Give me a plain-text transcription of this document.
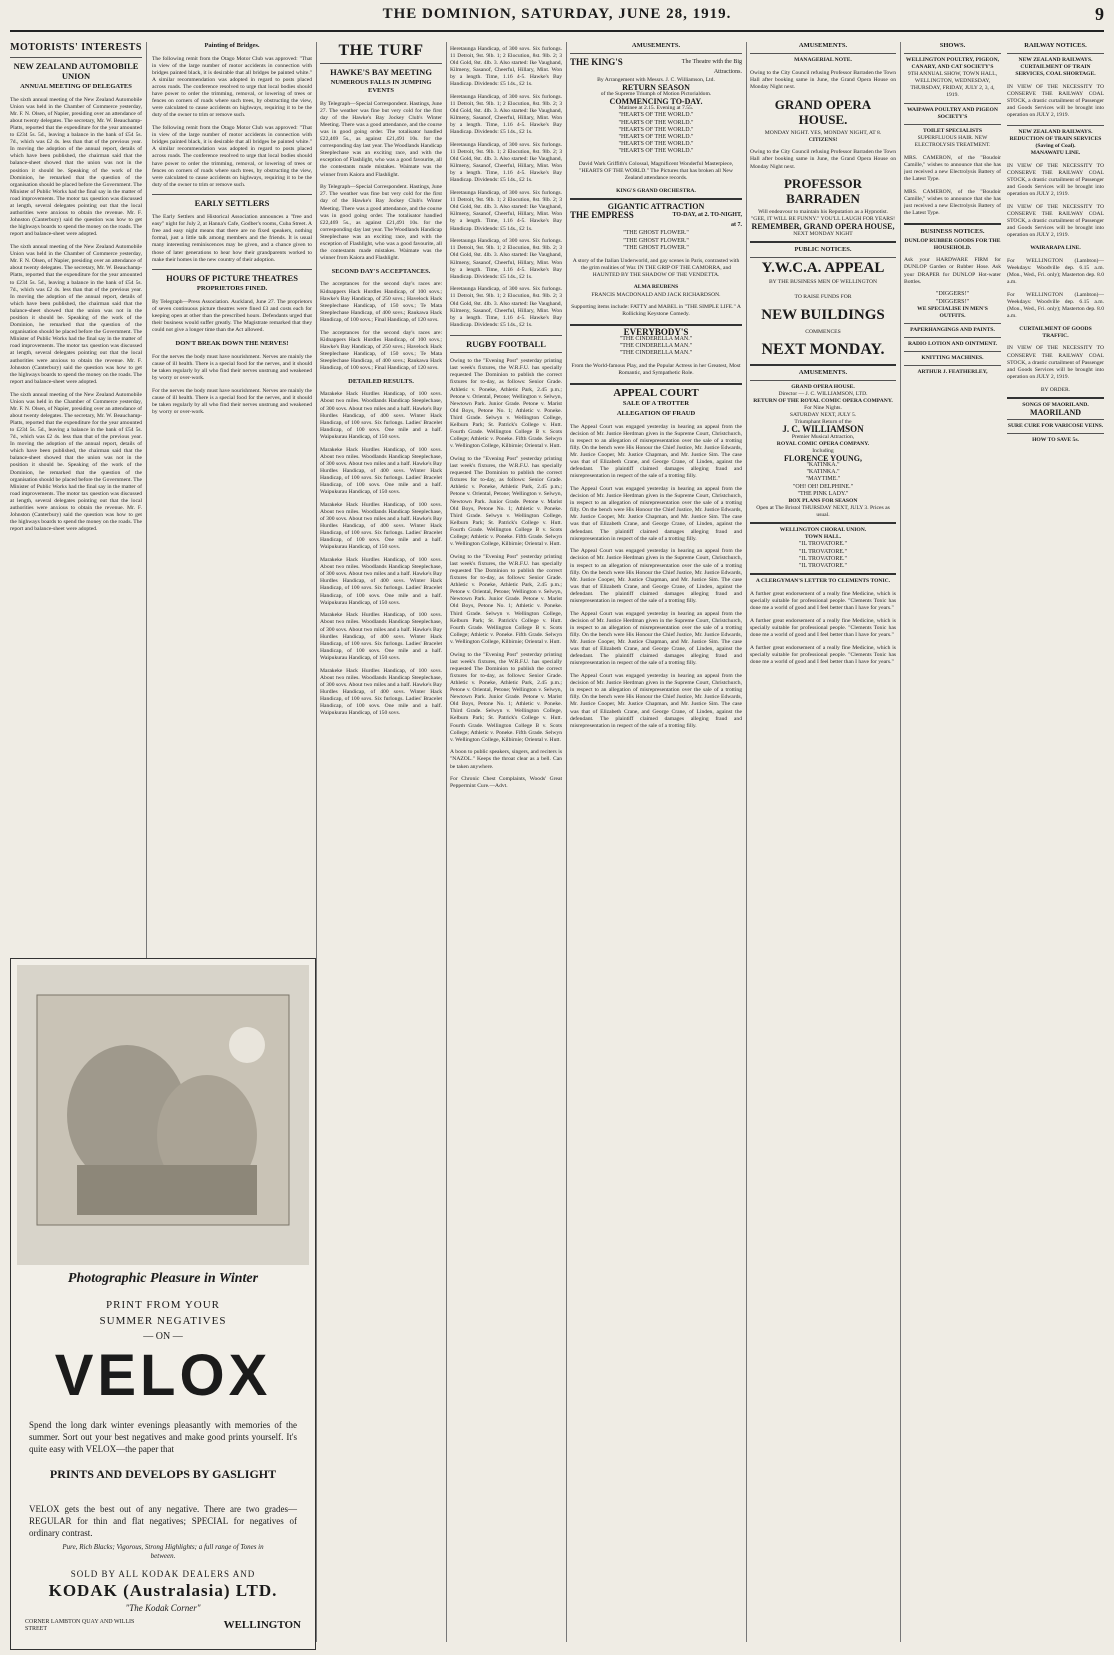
THE DOMINION, SATURDAY, JUNE 28, 1919.	9
MOTORISTS' INTERESTS
NEW ZEALAND AUTOMOBILE UNION
ANNUAL MEETING OF DELEGATES

The sixth annual meeting of the New Zealand Automobile Union was held in the Chamber of Commerce yesterday, Mr. F. N. Olsen, of Napier, presiding over an attendance of about twenty delegates. The secretary, Mr. W. Beauchamp-Platts, reported that the expenditure for the year amounted to £234 5s. 5d., leaving a balance in the bank of £54 5s. 7d., which was £2 4s. less than that of the previous year. In moving the adoption of the annual report, details of which have been published, the chairman said that the balance-sheet showed that the union was not in the position it should be. Speaking of the work of the Dominion, he remarked that the question of the organisation should be placed before the Government. The Minister of Public Works had the final say in the matter of road improvements. The motor tax question was discussed at length, several delegates pointing out that the local authorities were anxious to obtain the revenue. Mr. F. Johnston (Canterbury) said the question was how to get the highways boards to spend the money on the roads. The report and balance-sheet were adopted.

The sixth annual meeting of the New Zealand Automobile Union was held in the Chamber of Commerce yesterday, Mr. F. N. Olsen, of Napier, presiding over an attendance of about twenty delegates. The secretary, Mr. W. Beauchamp-Platts, reported that the expenditure for the year amounted to £234 5s. 5d., leaving a balance in the bank of £54 5s. 7d., which was £2 4s. less than that of the previous year. In moving the adoption of the annual report, details of which have been published, the chairman said that the balance-sheet showed that the union was not in the position it should be. Speaking of the work of the Dominion, he remarked that the question of the organisation should be placed before the Government. The Minister of Public Works had the final say in the matter of road improvements. The motor tax question was discussed at length, several delegates pointing out that the local authorities were anxious to obtain the revenue. Mr. F. Johnston (Canterbury) said the question was how to get the highways boards to spend the money on the roads. The report and balance-sheet were adopted.

The sixth annual meeting of the New Zealand Automobile Union was held in the Chamber of Commerce yesterday, Mr. F. N. Olsen, of Napier, presiding over an attendance of about twenty delegates. The secretary, Mr. W. Beauchamp-Platts, reported that the expenditure for the year amounted to £234 5s. 5d., leaving a balance in the bank of £54 5s. 7d., which was £2 4s. less than that of the previous year. In moving the adoption of the annual report, details of which have been published, the chairman said that the balance-sheet showed that the union was not in the position it should be. Speaking of the work of the Dominion, he remarked that the question of the organisation should be placed before the Government. The Minister of Public Works had the final say in the matter of road improvements. The motor tax question was discussed at length, several delegates pointing out that the local authorities were anxious to obtain the revenue. Mr. F. Johnston (Canterbury) said the question was how to get the highways boards to spend the money on the roads. The report and balance-sheet were adopted.

Painting of Bridges.

The following remit from the Otago Motor Club was approved: "That in view of the large number of motor accidents in connection with bridges painted black, it is desirable that all bridges be painted white." A similar recommendation was adopted in regard to posts placed across roads. The conference resolved to urge that local bodies should have power to order the trimming, removal, or lowering of trees or fences on corners of roads where such trees, by obstructing the view, were calculated to cause accidents on highways, requiring it to be the duty of the owner to trim or remove such.

The following remit from the Otago Motor Club was approved: "That in view of the large number of motor accidents in connection with bridges painted black, it is desirable that all bridges be painted white." A similar recommendation was adopted in regard to posts placed across roads. The conference resolved to urge that local bodies should have power to order the trimming, removal, or lowering of trees or fences on corners of roads where such trees, by obstructing the view, were calculated to cause accidents on highways, requiring it to be the duty of the owner to trim or remove such.

EARLY SETTLERS

The Early Settlers and Historical Association announces a "free and easy" night for July 2, at Hanna's Cafe, Godber's rooms, Cuba Street. A free and easy night means that there are no fixed speakers, nothing formal, just a little talk among members and the friends. It is usual many interesting reminiscences may be given, and a chance given to those of later generations to hear how their grandparents worked to make their homes in the new country of their adoption.

HOURS OF PICTURE THEATRES
PROPRIETORS FINED.

By Telegraph—Press Association. Auckland, June 27. The proprietors of seven continuous picture theatres were fined £3 and costs each for keeping open at other than the prescribed hours. Defendants urged that their business would suffer greatly. The Magistrate remarked that they could not give a longer time than the Act allowed.

DON'T BREAK DOWN THE NERVES!

For the nerves the body must have nourishment. Nerves are mainly the cause of ill health. There is a special food for the nerves, and it should be taken regularly by all who find their nerves unstrung and weakened by worry or over-work.

For the nerves the body must have nourishment. Nerves are mainly the cause of ill health. There is a special food for the nerves, and it should be taken regularly by all who find their nerves unstrung and weakened by worry or over-work.

Photographic Pleasure in Winter
PRINT FROM YOUR
SUMMER NEGATIVES
— ON —
VELOX
Spend the long dark winter evenings pleasantly with memories of the summer. Sort out your best negatives and make good prints yourself. It's quite easy with VELOX—the paper that
PRINTS AND DEVELOPS BY GASLIGHT
VELOX gets the best out of any negative. There are two grades—REGULAR for thin and flat negatives; SPECIAL for negatives of ordinary contrast.
Pure, Rich Blacks; Vigorous, Strong Highlights; a full range of Tones in between.
SOLD BY ALL KODAK DEALERS AND
KODAK (Australasia) LTD.
"The Kodak Corner"
CORNER LAMBTON QUAY AND WILLIS STREET	WELLINGTON
THE TURF
HAWKE'S BAY MEETING
NUMEROUS FALLS IN JUMPING EVENTS

By Telegraph—Special Correspondent. Hastings, June 27. The weather was fine but very cold for the first day of the Hawke's Bay Jockey Club's Winter Meeting. There was a good attendance, and the course was in good going order. The totalisator handled £22,469 5s., as against £21,491 10s. for the corresponding day last year. The Woodlands Handicap Steeplechase was an exciting race, and with the exception of Flashlight, who was a good favourite, all the contestants made mistakes. Waimate was the winner from Kaiora and Flashlight.

By Telegraph—Special Correspondent. Hastings, June 27. The weather was fine but very cold for the first day of the Hawke's Bay Jockey Club's Winter Meeting. There was a good attendance, and the course was in good going order. The totalisator handled £22,469 5s., as against £21,491 10s. for the corresponding day last year. The Woodlands Handicap Steeplechase was an exciting race, and with the exception of Flashlight, who was a good favourite, all the contestants made mistakes. Waimate was the winner from Kaiora and Flashlight.

SECOND DAY'S ACCEPTANCES.

The acceptances for the second day's races are: Kidnappers Hack Hurdles Handicap, of 100 sovs.; Hawke's Bay Handicap, of 250 sovs.; Havelock Hack Steeplechase Handicap, of 150 sovs.; Te Mata Steeplechase Handicap, of 400 sovs.; Raukawa Hack Handicap, of 100 sovs.; Final Handicap, of 120 sovs.

The acceptances for the second day's races are: Kidnappers Hack Hurdles Handicap, of 100 sovs.; Hawke's Bay Handicap, of 250 sovs.; Havelock Hack Steeplechase Handicap, of 150 sovs.; Te Mata Steeplechase Handicap, of 400 sovs.; Raukawa Hack Handicap, of 100 sovs.; Final Handicap, of 120 sovs.

DETAILED RESULTS.

Marakeke Hack Hurdles Handicap, of 100 sovs. About two miles. Woodlands Handicap Steeplechase, of 300 sovs. About two miles and a half. Hawke's Bay Hurdles Handicap, of 400 sovs. Winter Hack Handicap, of 100 sovs. Six furlongs. Ladies' Bracelet Handicap, of 100 sovs. One mile and a half. Waipukurau Handicap, of 150 sovs.

Marakeke Hack Hurdles Handicap, of 100 sovs. About two miles. Woodlands Handicap Steeplechase, of 300 sovs. About two miles and a half. Hawke's Bay Hurdles Handicap, of 400 sovs. Winter Hack Handicap, of 100 sovs. Six furlongs. Ladies' Bracelet Handicap, of 100 sovs. One mile and a half. Waipukurau Handicap, of 150 sovs.

Marakeke Hack Hurdles Handicap, of 100 sovs. About two miles. Woodlands Handicap Steeplechase, of 300 sovs. About two miles and a half. Hawke's Bay Hurdles Handicap, of 400 sovs. Winter Hack Handicap, of 100 sovs. Six furlongs. Ladies' Bracelet Handicap, of 100 sovs. One mile and a half. Waipukurau Handicap, of 150 sovs.

Marakeke Hack Hurdles Handicap, of 100 sovs. About two miles. Woodlands Handicap Steeplechase, of 300 sovs. About two miles and a half. Hawke's Bay Hurdles Handicap, of 400 sovs. Winter Hack Handicap, of 100 sovs. Six furlongs. Ladies' Bracelet Handicap, of 100 sovs. One mile and a half. Waipukurau Handicap, of 150 sovs.

Marakeke Hack Hurdles Handicap, of 100 sovs. About two miles. Woodlands Handicap Steeplechase, of 300 sovs. About two miles and a half. Hawke's Bay Hurdles Handicap, of 400 sovs. Winter Hack Handicap, of 100 sovs. Six furlongs. Ladies' Bracelet Handicap, of 100 sovs. One mile and a half. Waipukurau Handicap, of 150 sovs.

Marakeke Hack Hurdles Handicap, of 100 sovs. About two miles. Woodlands Handicap Steeplechase, of 300 sovs. About two miles and a half. Hawke's Bay Hurdles Handicap, of 400 sovs. Winter Hack Handicap, of 100 sovs. Six furlongs. Ladies' Bracelet Handicap, of 100 sovs. One mile and a half. Waipukurau Handicap, of 150 sovs.

Heretaunga Handicap, of 300 sovs. Six furlongs. 11 Detroit, 9st. 9lb. 1; 2 Elocution, 8st. 9lb. 2; 3 Old Gold, 8st. 4lb. 3. Also started: Ike Vaughand, Kilmeny, Sasanof, Cheerful, Hillary, Mint. Won by a length. Time, 1.16 4-5. Hawke's Bay Handicap. Dividends: £5 14s., £2 1s.

Heretaunga Handicap, of 300 sovs. Six furlongs. 11 Detroit, 9st. 9lb. 1; 2 Elocution, 8st. 9lb. 2; 3 Old Gold, 8st. 4lb. 3. Also started: Ike Vaughand, Kilmeny, Sasanof, Cheerful, Hillary, Mint. Won by a length. Time, 1.16 4-5. Hawke's Bay Handicap. Dividends: £5 14s., £2 1s.

Heretaunga Handicap, of 300 sovs. Six furlongs. 11 Detroit, 9st. 9lb. 1; 2 Elocution, 8st. 9lb. 2; 3 Old Gold, 8st. 4lb. 3. Also started: Ike Vaughand, Kilmeny, Sasanof, Cheerful, Hillary, Mint. Won by a length. Time, 1.16 4-5. Hawke's Bay Handicap. Dividends: £5 14s., £2 1s.

Heretaunga Handicap, of 300 sovs. Six furlongs. 11 Detroit, 9st. 9lb. 1; 2 Elocution, 8st. 9lb. 2; 3 Old Gold, 8st. 4lb. 3. Also started: Ike Vaughand, Kilmeny, Sasanof, Cheerful, Hillary, Mint. Won by a length. Time, 1.16 4-5. Hawke's Bay Handicap. Dividends: £5 14s., £2 1s.

Heretaunga Handicap, of 300 sovs. Six furlongs. 11 Detroit, 9st. 9lb. 1; 2 Elocution, 8st. 9lb. 2; 3 Old Gold, 8st. 4lb. 3. Also started: Ike Vaughand, Kilmeny, Sasanof, Cheerful, Hillary, Mint. Won by a length. Time, 1.16 4-5. Hawke's Bay Handicap. Dividends: £5 14s., £2 1s.

Heretaunga Handicap, of 300 sovs. Six furlongs. 11 Detroit, 9st. 9lb. 1; 2 Elocution, 8st. 9lb. 2; 3 Old Gold, 8st. 4lb. 3. Also started: Ike Vaughand, Kilmeny, Sasanof, Cheerful, Hillary, Mint. Won by a length. Time, 1.16 4-5. Hawke's Bay Handicap. Dividends: £5 14s., £2 1s.

RUGBY FOOTBALL

Owing to the "Evening Post" yesterday printing last week's fixtures, the W.R.F.U. has specially requested The Dominion to publish the correct fixtures for to-day, as follows: Senior Grade. Athletic v. Poneke, Athletic Park, 2.45 p.m.; Petone v. Oriental, Petone; Wellington v. Selwyn, Newtown Park. Junior Grade. Petone v. Marist Old Boys, Petone No. 1; Athletic v. Poneke. Third Grade. Selwyn v. Wellington College, Kelburn Park; St. Patrick's College v. Hutt. Fourth Grade. Wellington College B v. Scots College; Athletic v. Poneke. Fifth Grade. Selwyn v. Wellington College, Kilbirnie; Oriental v. Hutt.

Owing to the "Evening Post" yesterday printing last week's fixtures, the W.R.F.U. has specially requested The Dominion to publish the correct fixtures for to-day, as follows: Senior Grade. Athletic v. Poneke, Athletic Park, 2.45 p.m.; Petone v. Oriental, Petone; Wellington v. Selwyn, Newtown Park. Junior Grade. Petone v. Marist Old Boys, Petone No. 1; Athletic v. Poneke. Third Grade. Selwyn v. Wellington College, Kelburn Park; St. Patrick's College v. Hutt. Fourth Grade. Wellington College B v. Scots College; Athletic v. Poneke. Fifth Grade. Selwyn v. Wellington College, Kilbirnie; Oriental v. Hutt.

Owing to the "Evening Post" yesterday printing last week's fixtures, the W.R.F.U. has specially requested The Dominion to publish the correct fixtures for to-day, as follows: Senior Grade. Athletic v. Poneke, Athletic Park, 2.45 p.m.; Petone v. Oriental, Petone; Wellington v. Selwyn, Newtown Park. Junior Grade. Petone v. Marist Old Boys, Petone No. 1; Athletic v. Poneke. Third Grade. Selwyn v. Wellington College, Kelburn Park; St. Patrick's College v. Hutt. Fourth Grade. Wellington College B v. Scots College; Athletic v. Poneke. Fifth Grade. Selwyn v. Wellington College, Kilbirnie; Oriental v. Hutt.

Owing to the "Evening Post" yesterday printing last week's fixtures, the W.R.F.U. has specially requested The Dominion to publish the correct fixtures for to-day, as follows: Senior Grade. Athletic v. Poneke, Athletic Park, 2.45 p.m.; Petone v. Oriental, Petone; Wellington v. Selwyn, Newtown Park. Junior Grade. Petone v. Marist Old Boys, Petone No. 1; Athletic v. Poneke. Third Grade. Selwyn v. Wellington College, Kelburn Park; St. Patrick's College v. Hutt. Fourth Grade. Wellington College B v. Scots College; Athletic v. Poneke. Fifth Grade. Selwyn v. Wellington College, Kilbirnie; Oriental v. Hutt.

A boon to public speakers, singers, and reciters is "NAZOL." Keeps the throat clear as a bell. Can be taken anywhere.

For Chronic Chest Complaints, Woods' Great Peppermint Cure.—Advt.

AMUSEMENTS.
THE KING'S	The Theatre with the Big Attractions.
By Arrangement with Messrs. J. C. Williamson, Ltd.
RETURN SEASON
of the Supreme Triumph of Motion Pictorialdom.
COMMENCING TO-DAY.
Matinee at 2.15. Evening at 7.55.
"HEARTS OF THE WORLD."
"HEARTS OF THE WORLD."
"HEARTS OF THE WORLD."
"HEARTS OF THE WORLD."
"HEARTS OF THE WORLD."
"HEARTS OF THE WORLD."

David Wark Griffith's Colossal, Magnificent Wonderful Masterpiece, "HEARTS OF THE WORLD." The Pictures that has broken all New Zealand attendance records.

KING'S GRAND ORCHESTRA.
GIGANTIC ATTRACTION
THE EMPRESS	TO-DAY, at 2. TO-NIGHT, at 7.
"THE GHOST FLOWER."
"THE GHOST FLOWER."
"THE GHOST FLOWER."

A story of the Italian Underworld, and gay scenes in Paris, contrasted with the grim realities of War. IN THE GRIP OF THE CAMORRA, and HAUNTED BY THE SHADOW OF THE VENDETTA.

ALMA REUBENS
FRANCIS MACDONALD AND JACK RICHARDSON.

Supporting items include: FATTY and MABEL in "THE SIMPLE LIFE." A Rollicking Keystone Comedy.

EVERYBODY'S
"THE CINDERELLA MAN."
"THE CINDERELLA MAN."
"THE CINDERELLA MAN."

From the World-famous Play, and the Popular Actress in her Greatest, Most Romantic, and Sympathetic Role.

APPEAL COURT
SALE OF A TROTTER
ALLEGATION OF FRAUD

The Appeal Court was engaged yesterday in hearing an appeal from the decision of Mr. Justice Herdman given in the Supreme Court, Christchurch, in respect to an allegation of misrepresentation over the sale of a trotting filly. On the bench were His Honour the Chief Justice, Mr. Justice Edwards, Mr. Justice Cooper, Mr. Justice Chapman, and Mr. Justice Sim. The case was that of Elizabeth Crane, and George Crane, of Linden, against the defendant. The plaintiff claimed damages alleging fraud and misrepresentation in respect of the sale of a trotting filly.

The Appeal Court was engaged yesterday in hearing an appeal from the decision of Mr. Justice Herdman given in the Supreme Court, Christchurch, in respect to an allegation of misrepresentation over the sale of a trotting filly. On the bench were His Honour the Chief Justice, Mr. Justice Edwards, Mr. Justice Cooper, Mr. Justice Chapman, and Mr. Justice Sim. The case was that of Elizabeth Crane, and George Crane, of Linden, against the defendant. The plaintiff claimed damages alleging fraud and misrepresentation in respect of the sale of a trotting filly.

The Appeal Court was engaged yesterday in hearing an appeal from the decision of Mr. Justice Herdman given in the Supreme Court, Christchurch, in respect to an allegation of misrepresentation over the sale of a trotting filly. On the bench were His Honour the Chief Justice, Mr. Justice Edwards, Mr. Justice Cooper, Mr. Justice Chapman, and Mr. Justice Sim. The case was that of Elizabeth Crane, and George Crane, of Linden, against the defendant. The plaintiff claimed damages alleging fraud and misrepresentation in respect of the sale of a trotting filly.

The Appeal Court was engaged yesterday in hearing an appeal from the decision of Mr. Justice Herdman given in the Supreme Court, Christchurch, in respect to an allegation of misrepresentation over the sale of a trotting filly. On the bench were His Honour the Chief Justice, Mr. Justice Edwards, Mr. Justice Cooper, Mr. Justice Chapman, and Mr. Justice Sim. The case was that of Elizabeth Crane, and George Crane, of Linden, against the defendant. The plaintiff claimed damages alleging fraud and misrepresentation in respect of the sale of a trotting filly.

The Appeal Court was engaged yesterday in hearing an appeal from the decision of Mr. Justice Herdman given in the Supreme Court, Christchurch, in respect to an allegation of misrepresentation over the sale of a trotting filly. On the bench were His Honour the Chief Justice, Mr. Justice Edwards, Mr. Justice Cooper, Mr. Justice Chapman, and Mr. Justice Sim. The case was that of Elizabeth Crane, and George Crane, of Linden, against the defendant. The plaintiff claimed damages alleging fraud and misrepresentation in respect of the sale of a trotting filly.

AMUSEMENTS.
MANAGERIAL NOTE.

Owing to the City Council refusing Professor Barraden the Town Hall after booking same in June, the Grand Opera House on Monday Night next.

GRAND OPERA HOUSE.
MONDAY NIGHT. YES, MONDAY NIGHT, AT 8.
CITIZENS!

Owing to the City Council refusing Professor Barraden the Town Hall after booking same in June, the Grand Opera House on Monday Night next.

PROFESSOR BARRADEN
Will endeavour to maintain his Reputation as a Hypnotist.
"GEE, IT WILL BE FUNNY." YOU'LL LAUGH FOR YEARS!
REMEMBER, GRAND OPERA HOUSE,
NEXT MONDAY NIGHT
PUBLIC NOTICES.
Y.W.C.A. APPEAL
BY THE BUSINESS MEN OF WELLINGTON
TO RAISE FUNDS FOR
NEW BUILDINGS
COMMENCES
NEXT MONDAY.
AMUSEMENTS.
GRAND OPERA HOUSE.
Director — J. C. WILLIAMSON, LTD.
RETURN OF THE ROYAL COMIC OPERA COMPANY.
For Nine Nights.
SATURDAY NEXT, JULY 5.
Triumphant Return of the
J. C. WILLIAMSON
Premier Musical Attraction,
ROYAL COMIC OPERA COMPANY.
Including
FLORENCE YOUNG,
"KATINKA."
"KATINKA."
"MAYTIME."
"OH! OH! DELPHINE."
"THE PINK LADY."
BOX PLANS FOR SEASON
Open at The Bristol THURSDAY NEXT, JULY 3. Prices as usual.
WELLINGTON CHORAL UNION.
TOWN HALL.
"IL TROVATORE."
"IL TROVATORE."
"IL TROVATORE."
"IL TROVATORE."
A CLERGYMAN'S LETTER TO CLEMENTS TONIC.

A further great endorsement of a really fine Medicine, which is specially suitable for professional people. "Clements Tonic has done me a world of good and I feel better than I have for years."

A further great endorsement of a really fine Medicine, which is specially suitable for professional people. "Clements Tonic has done me a world of good and I feel better than I have for years."

A further great endorsement of a really fine Medicine, which is specially suitable for professional people. "Clements Tonic has done me a world of good and I feel better than I have for years."

SHOWS.
WELLINGTON POULTRY, PIGEON, CANARY, AND CAT SOCIETY'S
9TH ANNUAL SHOW, TOWN HALL, WELLINGTON, WEDNESDAY, THURSDAY, FRIDAY, JULY 2, 3, 4, 1919.
WAIPAWA POULTRY AND PIGEON SOCIETY'S
TOILET SPECIALISTS
SUPERFLUOUS HAIR. NEW ELECTROLYSIS TREATMENT.

MRS. CAMERON, of the "Boudoir Camille," wishes to announce that she has just received a new Electrolysis Battery of the Latest Type.

MRS. CAMERON, of the "Boudoir Camille," wishes to announce that she has just received a new Electrolysis Battery of the Latest Type.

BUSINESS NOTICES.
DUNLOP RUBBER GOODS FOR THE HOUSEHOLD.

Ask your HARDWARE FIRM for DUNLOP Garden or Rubber Hose. Ask your DRAPER for DUNLOP Hot-water Bottles.

"DIGGERS!"
"DIGGERS!"
WE SPECIALISE IN MEN'S OUTFITS.
PAPERHANGINGS AND PAINTS.
RADIO LOTION AND OINTMENT.
KNITTING MACHINES.
ARTHUR J. FEATHERLEY,
RAILWAY NOTICES.
NEW ZEALAND RAILWAYS.
CURTAILMENT OF TRAIN SERVICES, COAL SHORTAGE.

IN VIEW OF THE NECESSITY TO CONSERVE THE RAILWAY COAL STOCK, a drastic curtailment of Passenger and Goods Services will be brought into operation on JULY 2, 1919.

NEW ZEALAND RAILWAYS.
REDUCTION OF TRAIN SERVICES (Saving of Coal).
MANAWATU LINE.

IN VIEW OF THE NECESSITY TO CONSERVE THE RAILWAY COAL STOCK, a drastic curtailment of Passenger and Goods Services will be brought into operation on JULY 2, 1919.

IN VIEW OF THE NECESSITY TO CONSERVE THE RAILWAY COAL STOCK, a drastic curtailment of Passenger and Goods Services will be brought into operation on JULY 2, 1919.

WAIRARAPA LINE.

For WELLINGTON (Lambton)—Weekdays: Woodville dep. 6.15 a.m. (Mon., Wed., Fri. only); Masterton dep. 8.0 a.m.

For WELLINGTON (Lambton)—Weekdays: Woodville dep. 6.15 a.m. (Mon., Wed., Fri. only); Masterton dep. 8.0 a.m.

CURTAILMENT OF GOODS TRAFFIC.

IN VIEW OF THE NECESSITY TO CONSERVE THE RAILWAY COAL STOCK, a drastic curtailment of Passenger and Goods Services will be brought into operation on JULY 2, 1919.

BY ORDER.
SONGS OF MAORILAND.
MAORILAND
SURE CURE FOR VARICOSE VEINS.
HOW TO SAVE 5s.
